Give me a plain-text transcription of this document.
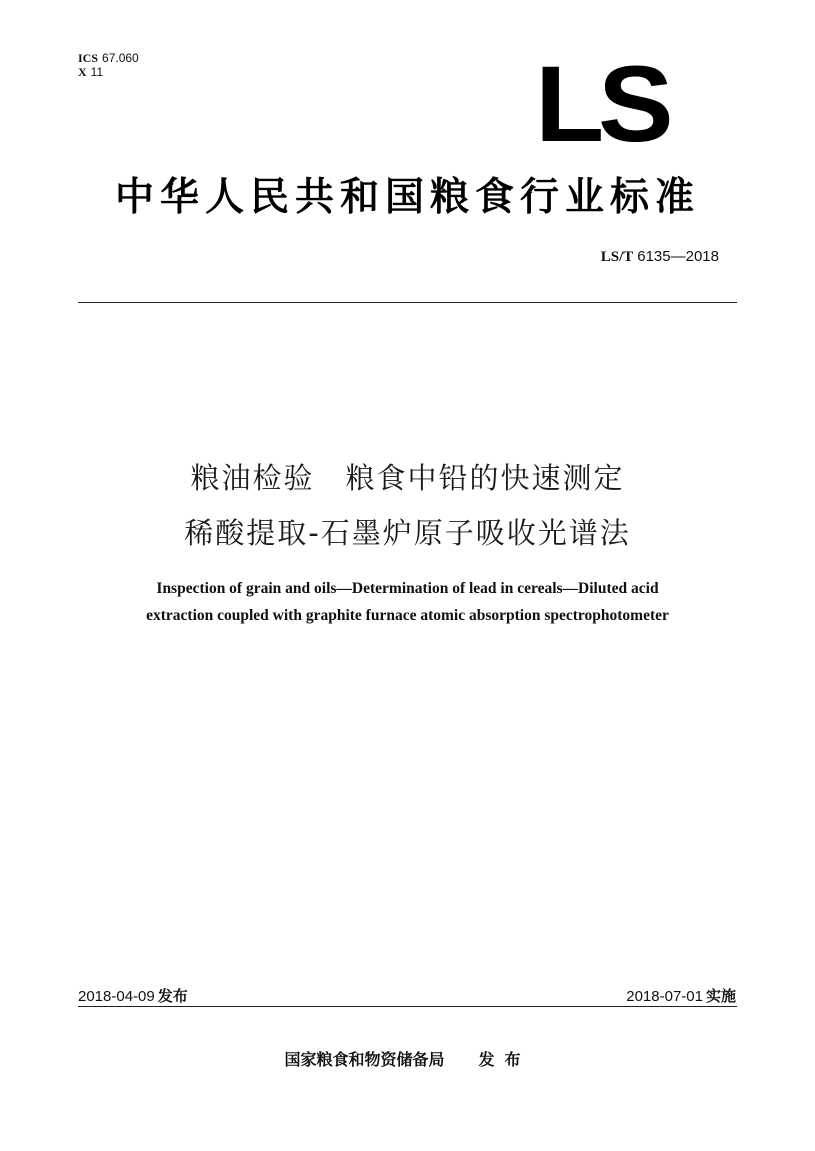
ICS 67.060
X 11	LS
中华人民共和国粮食行业标准
LS/T 6135—2018
粮油检验　粮食中铅的快速测定
稀酸提取-石墨炉原子吸收光谱法
Inspection of grain and oils—Determination of lead in cereals—Diluted acid
extraction coupled with graphite furnace atomic absorption spectrophotometer
2018-04-09 发布	2018-07-01 实施
国家粮食和物资储备局 发布
